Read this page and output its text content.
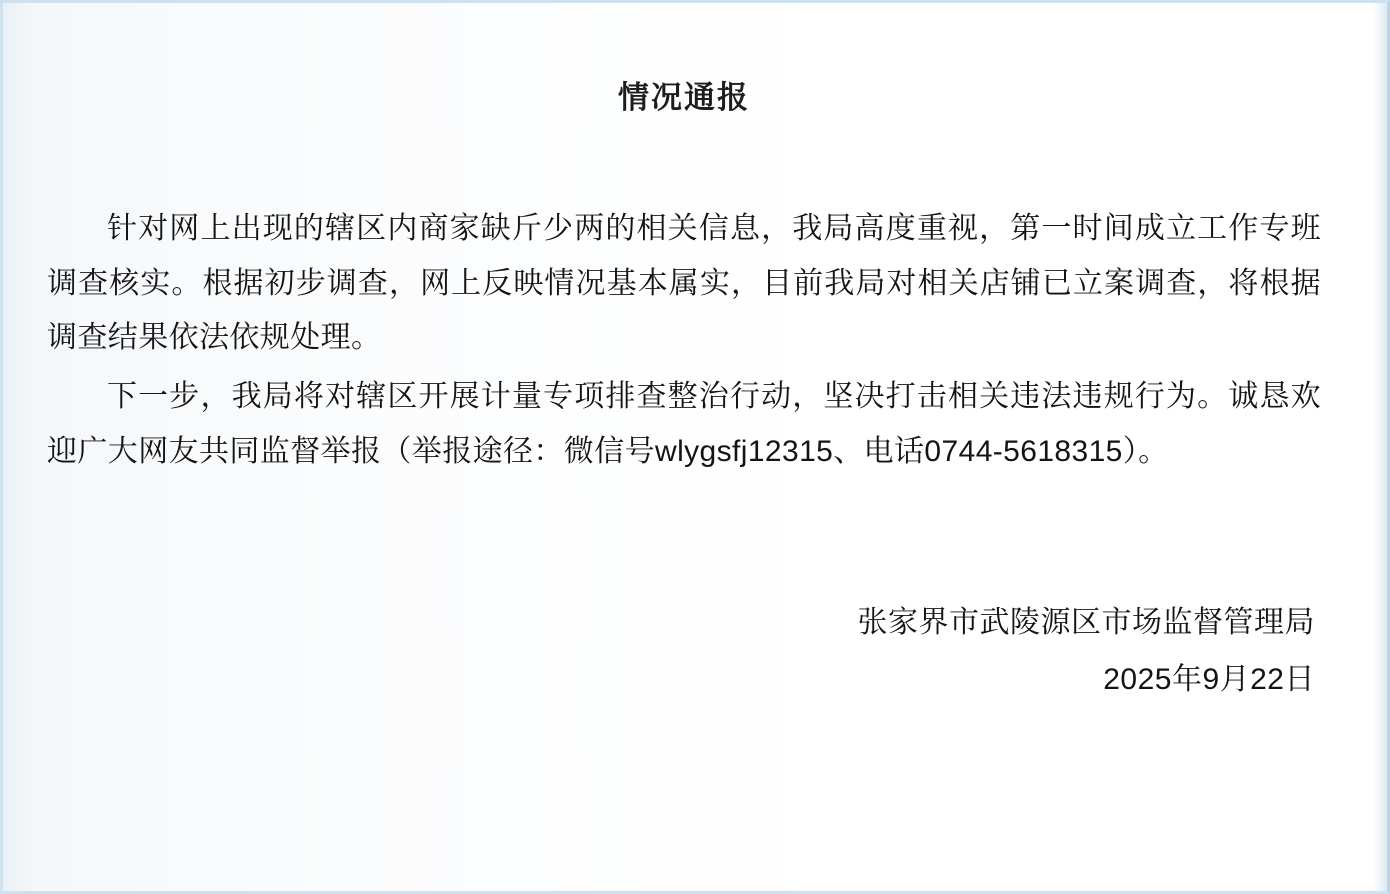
情况通报

针对网上出现的辖区内商家缺斤少两的相关信息，我局高度重视，第一时间成立工作专班调查核实。根据初步调查，网上反映情况基本属实，目前我局对相关店铺已立案调查，将根据调查结果依法依规处理。

下一步，我局将对辖区开展计量专项排查整治行动，坚决打击相关违法违规行为。诚恳欢迎广大网友共同监督举报（举报途径：微信号wlygsfj12315、电话0744-5618315）。

张家界市武陵源区市场监督管理局
2025年9月22日
